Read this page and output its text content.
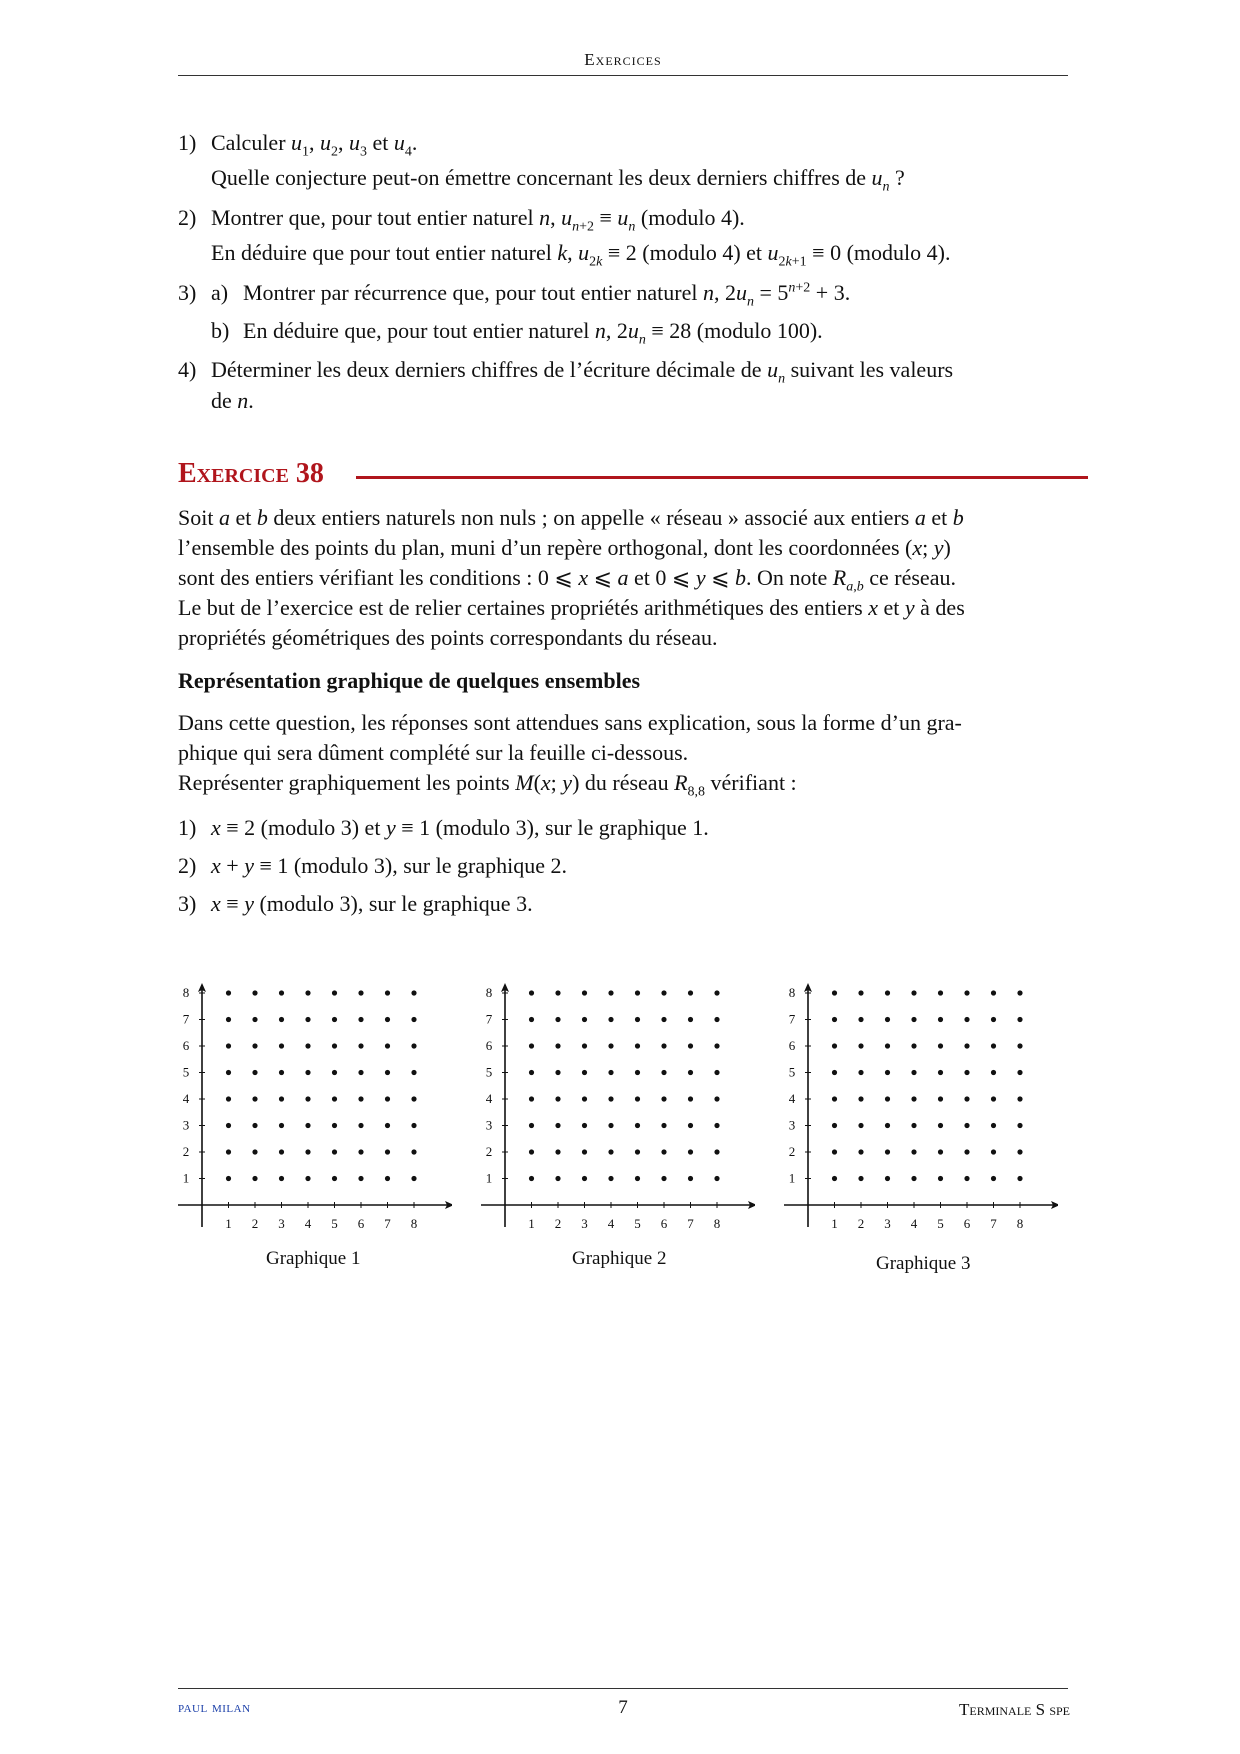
Exercices
1) Calculer $u_1$, $u_2$, $u_3$ et $u_4$.
Quelle conjecture peut-on émettre concernant les deux derniers chiffres de $u_n$ ?
2) Montrer que, pour tout entier naturel n, $u_{n+2} \equiv u_n$ (modulo 4).
En déduire que pour tout entier naturel k, $u_{2k} \equiv 2$ (modulo 4) et $u_{2k+1} \equiv 0$ (modulo 4).
3) a) Montrer par récurrence que, pour tout entier naturel n, $2u_n = 5^{n+2} + 3$.
b) En déduire que, pour tout entier naturel n, $2u_n \equiv 28$ (modulo 100).
4) Déterminer les deux derniers chiffres de l’écriture décimale de $u_n$ suivant les valeurs
de n.
Exercice 38
Soit a et b deux entiers naturels non nuls ; on appelle « réseau » associé aux entiers a et b
l’ensemble des points du plan, muni d’un repère orthogonal, dont les coordonnées (x; y)
sont des entiers vérifiant les conditions : 0 ⩽ x ⩽ a et 0 ⩽ y ⩽ b. On note $R_{a,b}$ ce réseau.
Le but de l’exercice est de relier certaines propriétés arithmétiques des entiers x et y à des
propriétés géométriques des points correspondants du réseau.
Représentation graphique de quelques ensembles
Dans cette question, les réponses sont attendues sans explication, sous la forme d’un gra-
phique qui sera dûment complété sur la feuille ci-dessous.
Représenter graphiquement les points M(x; y) du réseau $R_{8,8}$ vérifiant :
1) x ≡ 2 (modulo 3) et y ≡ 1 (modulo 3), sur le graphique 1.
2) x + y ≡ 1 (modulo 3), sur le graphique 2.
3) x ≡ y (modulo 3), sur le graphique 3.
1 2 3 4 5 6 7 8
1
2
3
4
5
6
7
8
1 2 3 4 5 6 7 8
1
2
3
4
5
6
7
8
1 2 3 4 5 6 7 8
1
2
3
4
5
6
7
8
Graphique 1	Graphique 2	Graphique 3
paul milan	7	Terminale S spe
